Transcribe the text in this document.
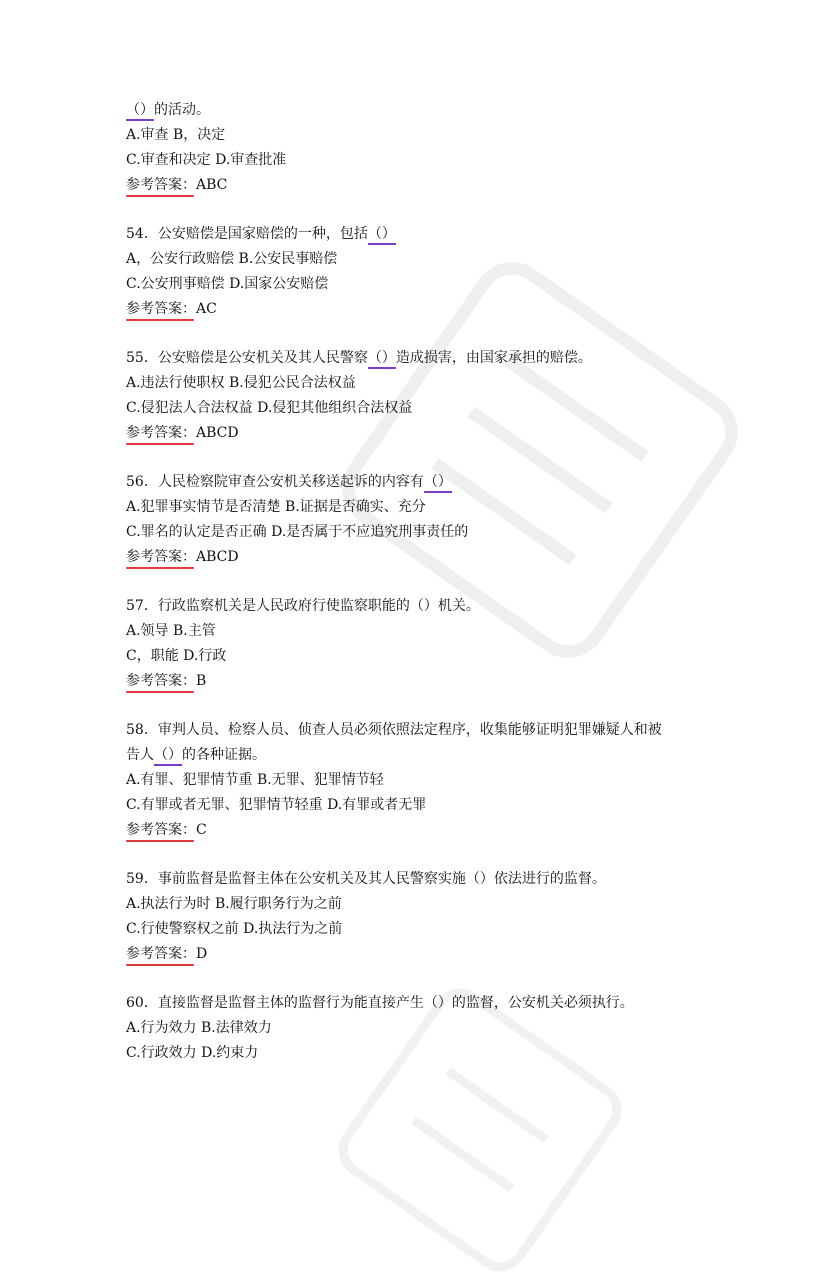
（）的活动。
A.审查 B，决定
C.审查和决定 D.审查批准
参考答案：ABC
54．公安赔偿是国家赔偿的一种，包括（）
A，公安行政赔偿 B.公安民事赔偿
C.公安刑事赔偿 D.国家公安赔偿
参考答案：AC
55．公安赔偿是公安机关及其人民警察（）造成损害，由国家承担的赔偿。
A.违法行使职权 B.侵犯公民合法权益
C.侵犯法人合法权益 D.侵犯其他组织合法权益
参考答案：ABCD
56．人民检察院审查公安机关移送起诉的内容有（）
A.犯罪事实情节是否清楚 B.证据是否确实、充分
C.罪名的认定是否正确 D.是否属于不应追究刑事责任的
参考答案：ABCD
57．行政监察机关是人民政府行使监察职能的（）机关。
A.领导 B.主管
C，职能 D.行政
参考答案：B
58．审判人员、检察人员、侦查人员必须依照法定程序，收集能够证明犯罪嫌疑人和被
告人（）的各种证据。
A.有罪、犯罪情节重 B.无罪、犯罪情节轻
C.有罪或者无罪、犯罪情节轻重 D.有罪或者无罪
参考答案：C
59．事前监督是监督主体在公安机关及其人民警察实施（）依法进行的监督。
A.执法行为时 B.履行职务行为之前
C.行使警察权之前 D.执法行为之前
参考答案：D
60．直接监督是监督主体的监督行为能直接产生（）的监督，公安机关必须执行。
A.行为效力 B.法律效力
C.行政效力 D.约束力
